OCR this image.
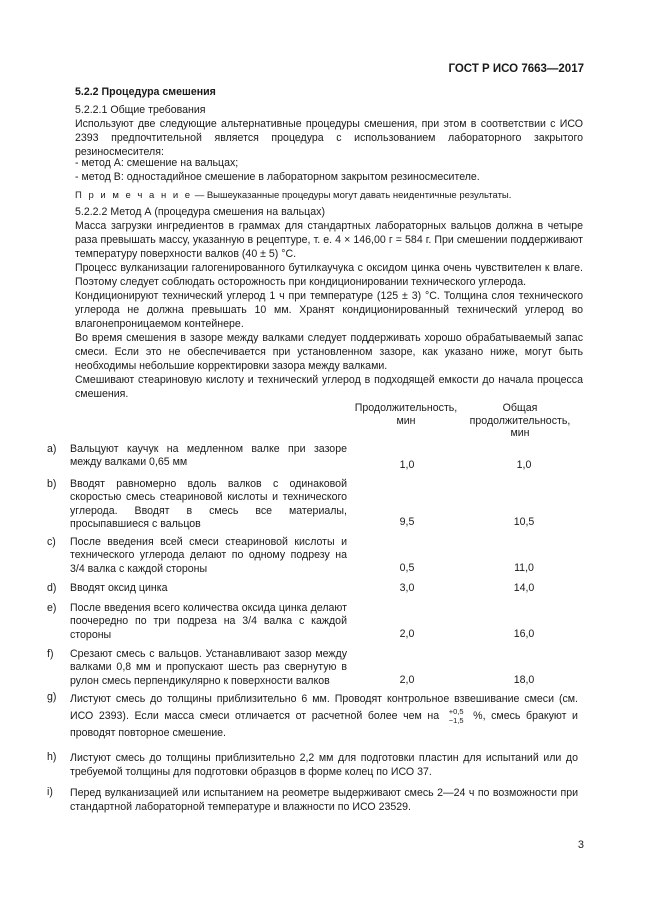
ГОСТ Р ИСО 7663—2017
5.2.2 Процедура смешения
5.2.2.1 Общие требования
Используют две следующие альтернативные процедуры смешения, при этом в соответствии с ИСО 2393 предпочтительной является процедура с использованием лабораторного закрытого резиносмесителя:
- метод А: смешение на вальцах;
- метод В: одностадийное смешение в лабораторном закрытом резиносмесителе.
П р и м е ч а н и е — Вышеуказанные процедуры могут давать неидентичные результаты.
5.2.2.2 Метод А (процедура смешения на вальцах)
Масса загрузки ингредиентов в граммах для стандартных лабораторных вальцов должна в четыре раза превышать массу, указанную в рецептуре, т. е. 4 × 146,00 г = 584 г. При смешении поддерживают температуру поверхности валков (40 ± 5) °C.
Процесс вулканизации галогенированного бутилкаучука с оксидом цинка очень чувствителен к влаге. Поэтому следует соблюдать осторожность при кондиционировании технического углерода.
Кондиционируют технический углерод 1 ч при температуре (125 ± 3) °C. Толщина слоя технического углерода не должна превышать 10 мм. Хранят кондиционированный технический углерод во влагонепроницаемом контейнере.
Во время смешения в зазоре между валками следует поддерживать хорошо обрабатываемый запас смеси. Если это не обеспечивается при установленном зазоре, как указано ниже, могут быть необходимы небольшие корректировки зазора между валками.
Смешивают стеариновую кислоту и технический углерод в подходящей емкости до начала процесса смешения.
Продолжительность, мин
Общая продолжительность, мин
a) Вальцуют каучук на медленном валке при зазоре между валками 0,65 мм	1,0	1,0
b) Вводят равномерно вдоль валков с одинаковой скоростью смесь стеариновой кислоты и технического углерода. Вводят в смесь все материалы, просыпавшиеся с вальцов	9,5	10,5
c) После введения всей смеси стеариновой кислоты и технического углерода делают по одному подрезу на 3/4 валка с каждой стороны	0,5	11,0
d) Вводят оксид цинка	3,0	14,0
e) После введения всего количества оксида цинка делают поочередно по три подреза на 3/4 валка с каждой стороны	2,0	16,0
f) Срезают смесь с вальцов. Устанавливают зазор между валками 0,8 мм и пропускают шесть раз свернутую в рулон смесь перпендикулярно к поверхности валков	2,0	18,0
g) Листуют смесь до толщины приблизительно 6 мм. Проводят контрольное взвешивание смеси (см. ИСО 2393). Если масса смеси отличается от расчетной более чем на +0,5
−1,5 %, смесь бракуют и проводят повторное смешение.
h) Листуют смесь до толщины приблизительно 2,2 мм для подготовки пластин для испытаний или до требуемой толщины для подготовки образцов в форме колец по ИСО 37.
i) Перед вулканизацией или испытанием на реометре выдерживают смесь 2—24 ч по возможности при стандартной лабораторной температуре и влажности по ИСО 23529.
3
